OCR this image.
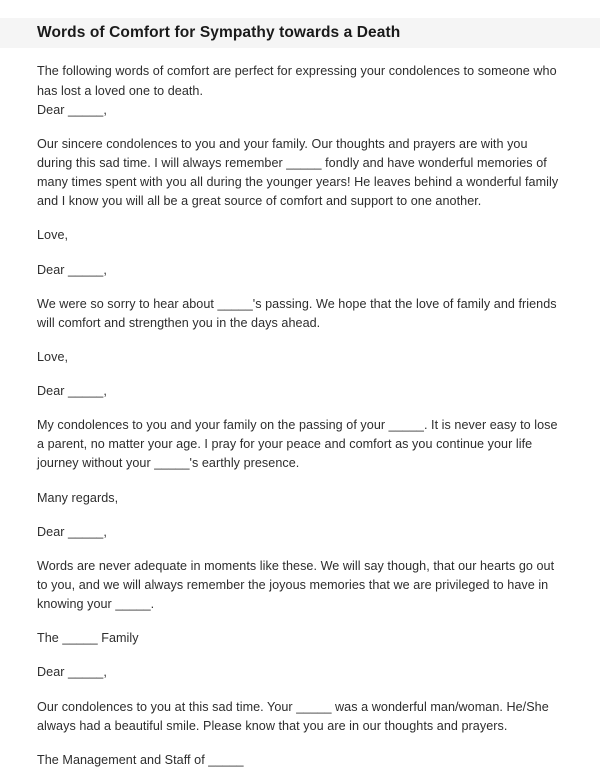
Words of Comfort for Sympathy towards a Death

The following words of comfort are perfect for expressing your condolences to someone who has lost a loved one to death.

Dear _____,

Our sincere condolences to you and your family. Our thoughts and prayers are with you during this sad time. I will always remember _____ fondly and have wonderful memories of many times spent with you all during the younger years! He leaves behind a wonderful family and I know you will all be a great source of comfort and support to one another.

Love,

Dear _____,

We were so sorry to hear about _____'s passing. We hope that the love of family and friends will comfort and strengthen you in the days ahead.

Love,

Dear _____,

My condolences to you and your family on the passing of your _____. It is never easy to lose a parent, no matter your age. I pray for your peace and comfort as you continue your life journey without your _____'s earthly presence.

Many regards,

Dear _____,

Words are never adequate in moments like these. We will say though, that our hearts go out to you, and we will always remember the joyous memories that we are privileged to have in knowing your _____.

The _____ Family

Dear _____,

Our condolences to you at this sad time. Your _____ was a wonderful man/woman. He/She always had a beautiful smile. Please know that you are in our thoughts and prayers.

The Management and Staff of _____
